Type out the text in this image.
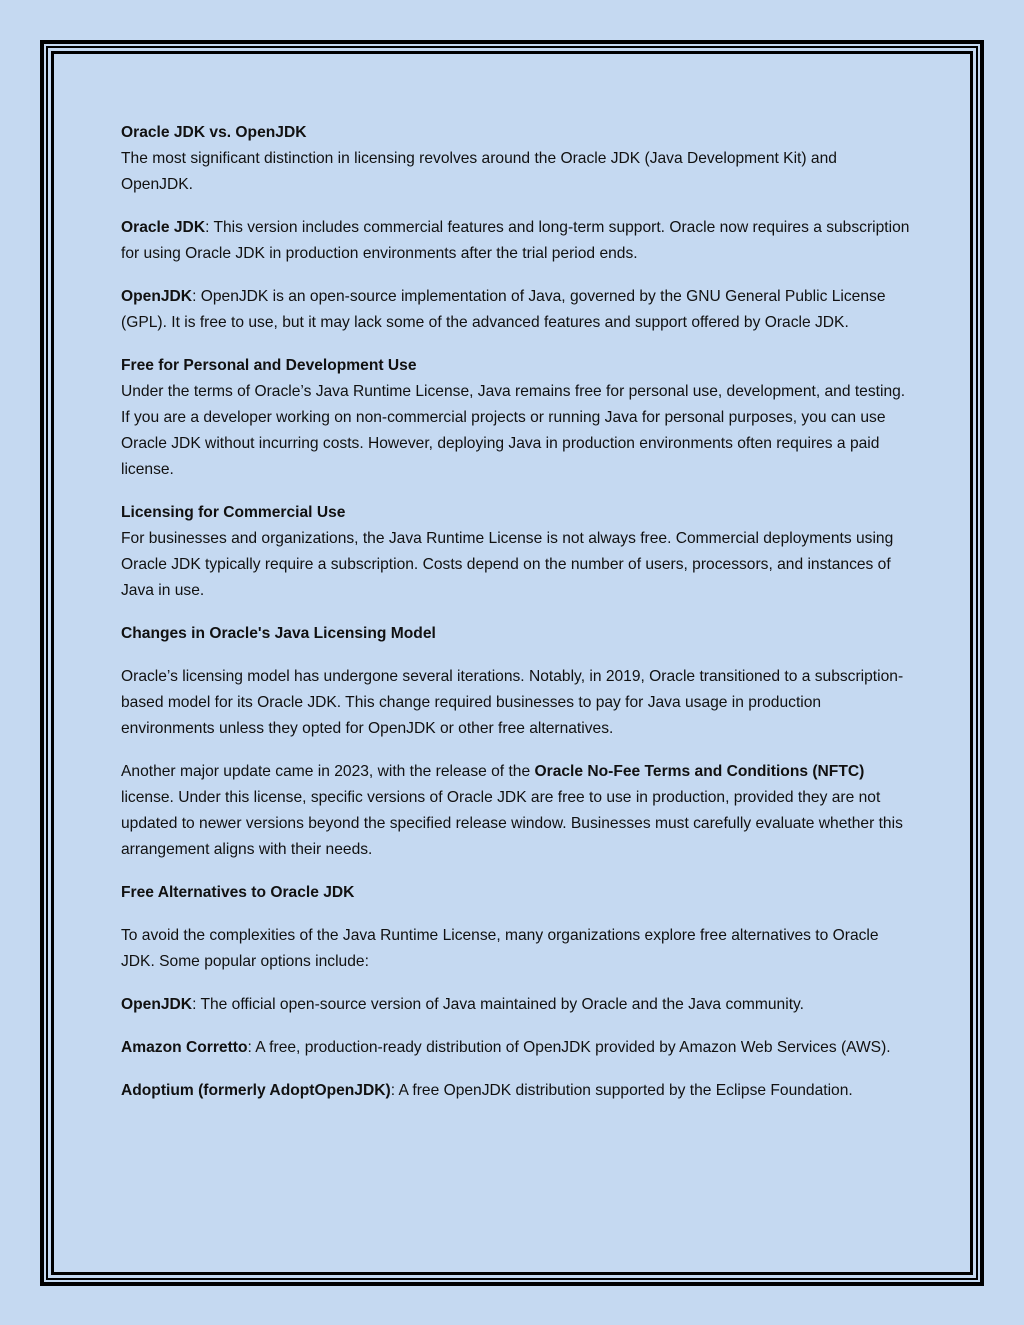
Oracle JDK vs. OpenJDK
The most significant distinction in licensing revolves around the Oracle JDK (Java Development Kit) and OpenJDK.

Oracle JDK: This version includes commercial features and long-term support. Oracle now requires a subscription for using Oracle JDK in production environments after the trial period ends.

OpenJDK: OpenJDK is an open-source implementation of Java, governed by the GNU General Public License (GPL). It is free to use, but it may lack some of the advanced features and support offered by Oracle JDK.

Free for Personal and Development Use
Under the terms of Oracle’s Java Runtime License, Java remains free for personal use, development, and testing. If you are a developer working on non-commercial projects or running Java for personal purposes, you can use Oracle JDK without incurring costs. However, deploying Java in production environments often requires a paid license.

Licensing for Commercial Use
For businesses and organizations, the Java Runtime License is not always free. Commercial deployments using Oracle JDK typically require a subscription. Costs depend on the number of users, processors, and instances of Java in use.

Changes in Oracle's Java Licensing Model

Oracle’s licensing model has undergone several iterations. Notably, in 2019, Oracle transitioned to a subscription-based model for its Oracle JDK. This change required businesses to pay for Java usage in production environments unless they opted for OpenJDK or other free alternatives.

Another major update came in 2023, with the release of the Oracle No-Fee Terms and Conditions (NFTC) license. Under this license, specific versions of Oracle JDK are free to use in production, provided they are not updated to newer versions beyond the specified release window. Businesses must carefully evaluate whether this arrangement aligns with their needs.

Free Alternatives to Oracle JDK

To avoid the complexities of the Java Runtime License, many organizations explore free alternatives to Oracle JDK. Some popular options include:

OpenJDK: The official open-source version of Java maintained by Oracle and the Java community.

Amazon Corretto: A free, production-ready distribution of OpenJDK provided by Amazon Web Services (AWS).

Adoptium (formerly AdoptOpenJDK): A free OpenJDK distribution supported by the Eclipse Foundation.
